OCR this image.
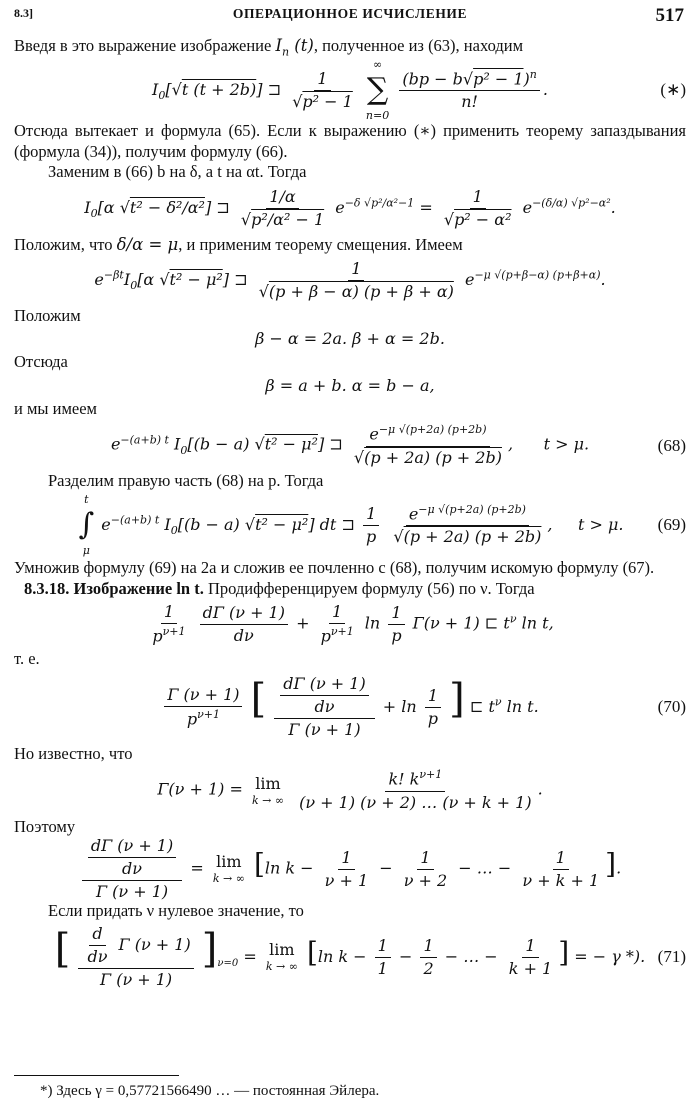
8.3]	ОПЕРАЦИОННОЕ ИСЧИСЛЕНИЕ	517

Введя в это выражение изображение $I_n$ (t), полученное из (63), находим

$I_0[√t$ (t + 2b)] ⊐ $\frac{1}{\text{√p² − 1}}$

∞
∑
n=0

$\frac{(bp - b√p^2 - 1)^n}{n!}$ .	(∗)

Отсюда вытекает и формула (65). Если к выражению (∗) применить теорему запаздывания (формула (34)), получим формулу (66).

Заменим в (66) b на δ, a t на αt. Тогда

$I_0[\alpha$ √t² − δ²/α²] ⊐ $\frac{1/\alpha}{\text{√p²/α² − 1}} e^{-\delta √p^2/\alpha^2-1} = \frac{1}{\text{√p² − α²}} e^{-(\delta/\alpha) √p^2-\alpha^2}$.

Положим, что δ/α = μ, и применим теорему смещения. Имеем

$e^{-\beta t}I_0[\alpha$ √t² − μ²] ⊐ $\frac{1}{√(p + \beta - \alpha) (p + \beta + \alpha)} e^{-\mu √(p+\beta-\alpha) (p+\beta+\alpha)}$.

Положим

β − α = 2a. β + α = 2b.

Отсюда

β = a + b. α = b − a,

и мы имеем

$e^{-(a+b) t}$ $I_0[(b - a) √t^2 - \mu^2]$ ⊐ $\frac{e^{-\mu √(p+2a) (p+2b)}}{√(p + 2a) (p + 2b)}$ ,      t > μ.	(68)

Разделим правую часть (68) на p. Тогда

t
∫
μ
$e^{-(a+b) t}$ $I_0[(b - a) √t^2 - \mu^2]$ dt ⊐ $\frac{1}{p}$
$\frac{e^{-\mu √(p+2a) (p+2b)}}{√(p + 2a) (p + 2b)}$ ,     t > μ. (69)

Умножив формулу (69) на 2a и сложив ее почленно с (68), получим искомую формулу (67).

8.3.18. Изображение ln t. Продифференцируем формулу (56) по ν. Тогда

$\frac{1}{p^{\nu+1}}$
$\frac{d\Gamma (\nu + 1)}{d\nu} + \frac{1}{p^{\nu+1}}$ $\ln \frac{1}{p} \Gamma(\nu + 1)$ ⊏ $t^\nu$ ln t,

т. е.

$\frac{\Gamma (\nu + 1)}{p^{\nu+1}}$ [ $\frac{\frac{d\Gamma (\nu + 1)}{d\nu}}{\Gamma (\nu + 1)} + \ln \frac{1}{p}$ ] ⊏ $t^\nu$ ln t.	(70)

Но известно, что

Γ(ν + 1) = lim
k → ∞
$\frac{k! k^{\nu+1}}{(\nu + 1) (\nu + 2) \dots (\nu + k + 1)}$ .

Поэтому

$\frac{\frac{d\Gamma (\nu + 1)}{d\nu}}{\Gamma (\nu + 1)} = \lim$
k → ∞ [ln $k - \frac{1}{\nu + 1} - \frac{1}{\nu + 2}$ − … − $\frac{1}{\nu + k + 1}$ ].

Если придать ν нулевое значение, то

[ $\frac{\frac{d}{d\nu} \Gamma (\nu + 1)}{\Gamma (\nu + 1)} ]_{\nu=0} = \lim$
k → ∞ [ln $k - \frac{1}{1} - \frac{1}{2}$ − … − $\frac{1}{k + 1}$ ] = − γ *). (71)
*) Здесь γ = 0,57721566490 … — постоянная Эйлера.
